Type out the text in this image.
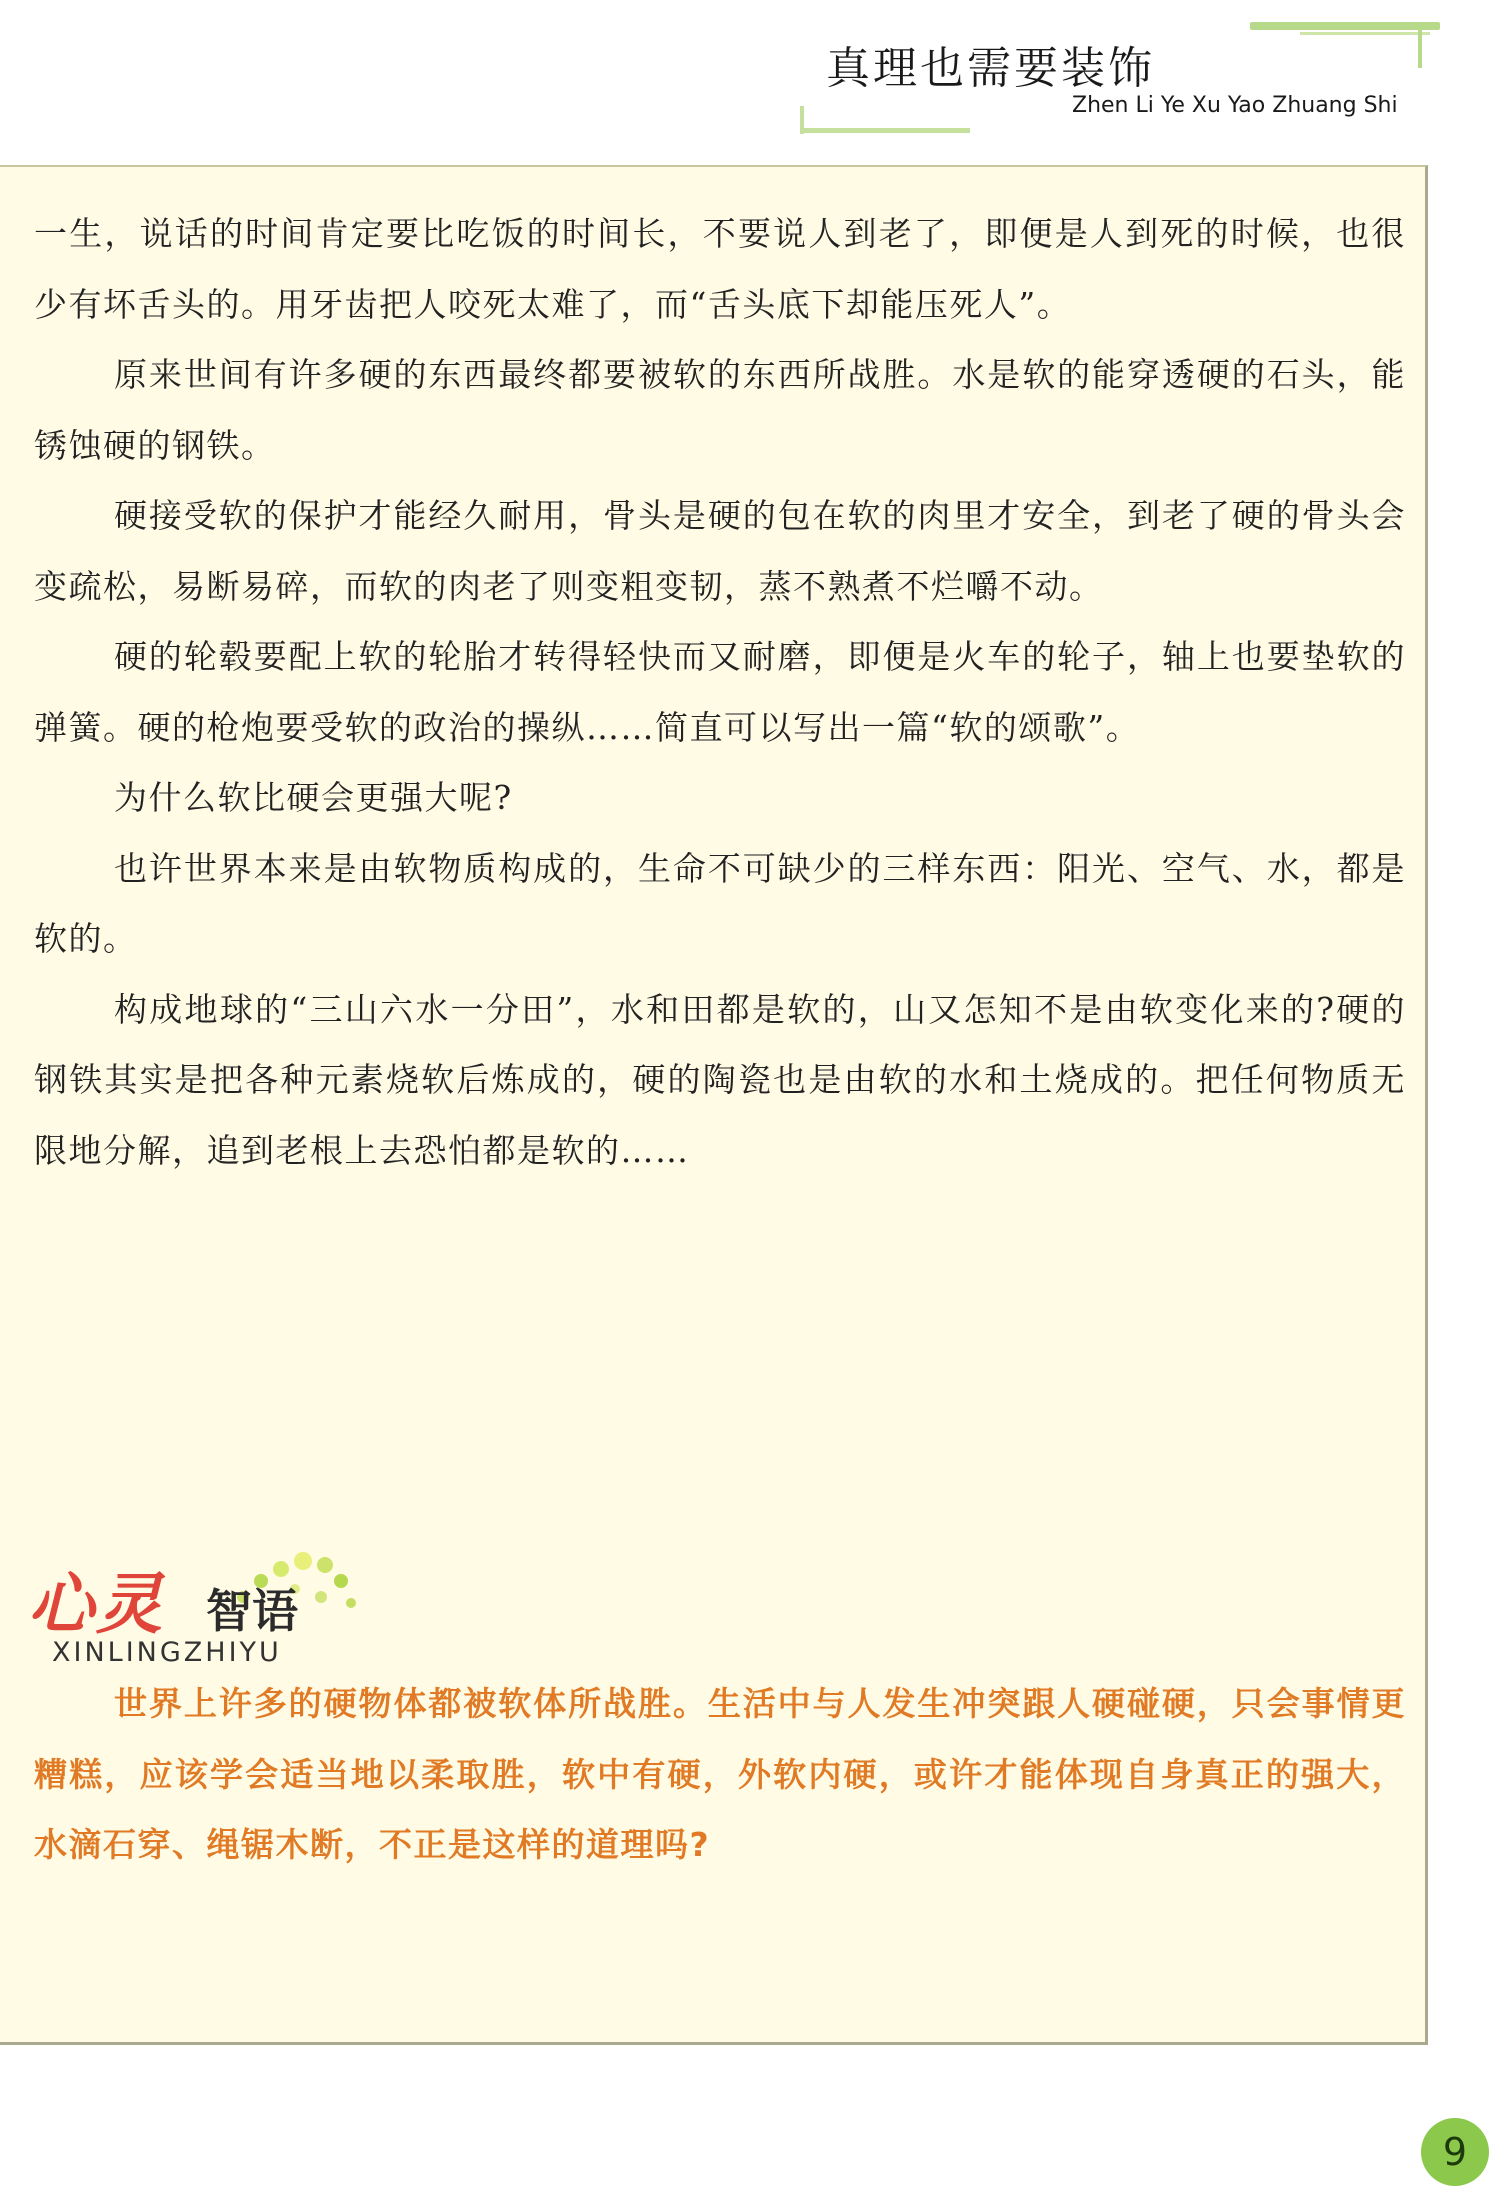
真理也需要装饰
Zhen Li Ye Xu Yao Zhuang Shi

一生，说话的时间肯定要比吃饭的时间长，不要说人到老了，即便是人到死的时候，也很少有坏舌头的。用牙齿把人咬死太难了，而“舌头底下却能压死人”。

原来世间有许多硬的东西最终都要被软的东西所战胜。水是软的能穿透硬的石头，能锈蚀硬的钢铁。

硬接受软的保护才能经久耐用，骨头是硬的包在软的肉里才安全，到老了硬的骨头会变疏松，易断易碎，而软的肉老了则变粗变韧，蒸不熟煮不烂嚼不动。

硬的轮毂要配上软的轮胎才转得轻快而又耐磨，即便是火车的轮子，轴上也要垫软的弹簧。硬的枪炮要受软的政治的操纵……简直可以写出一篇“软的颂歌”。

为什么软比硬会更强大呢?

也许世界本来是由软物质构成的，生命不可缺少的三样东西：阳光、空气、水，都是软的。

构成地球的“三山六水一分田”，水和田都是软的，山又怎知不是由软变化来的?硬的钢铁其实是把各种元素烧软后炼成的，硬的陶瓷也是由软的水和土烧成的。把任何物质无限地分解，追到老根上去恐怕都是软的……

心灵 智语
XINLINGZHIYU

世界上许多的硬物体都被软体所战胜。生活中与人发生冲突跟人硬碰硬，只会事情更糟糕，应该学会适当地以柔取胜，软中有硬，外软内硬，或许才能体现自身真正的强大，水滴石穿、绳锯木断，不正是这样的道理吗?

9
